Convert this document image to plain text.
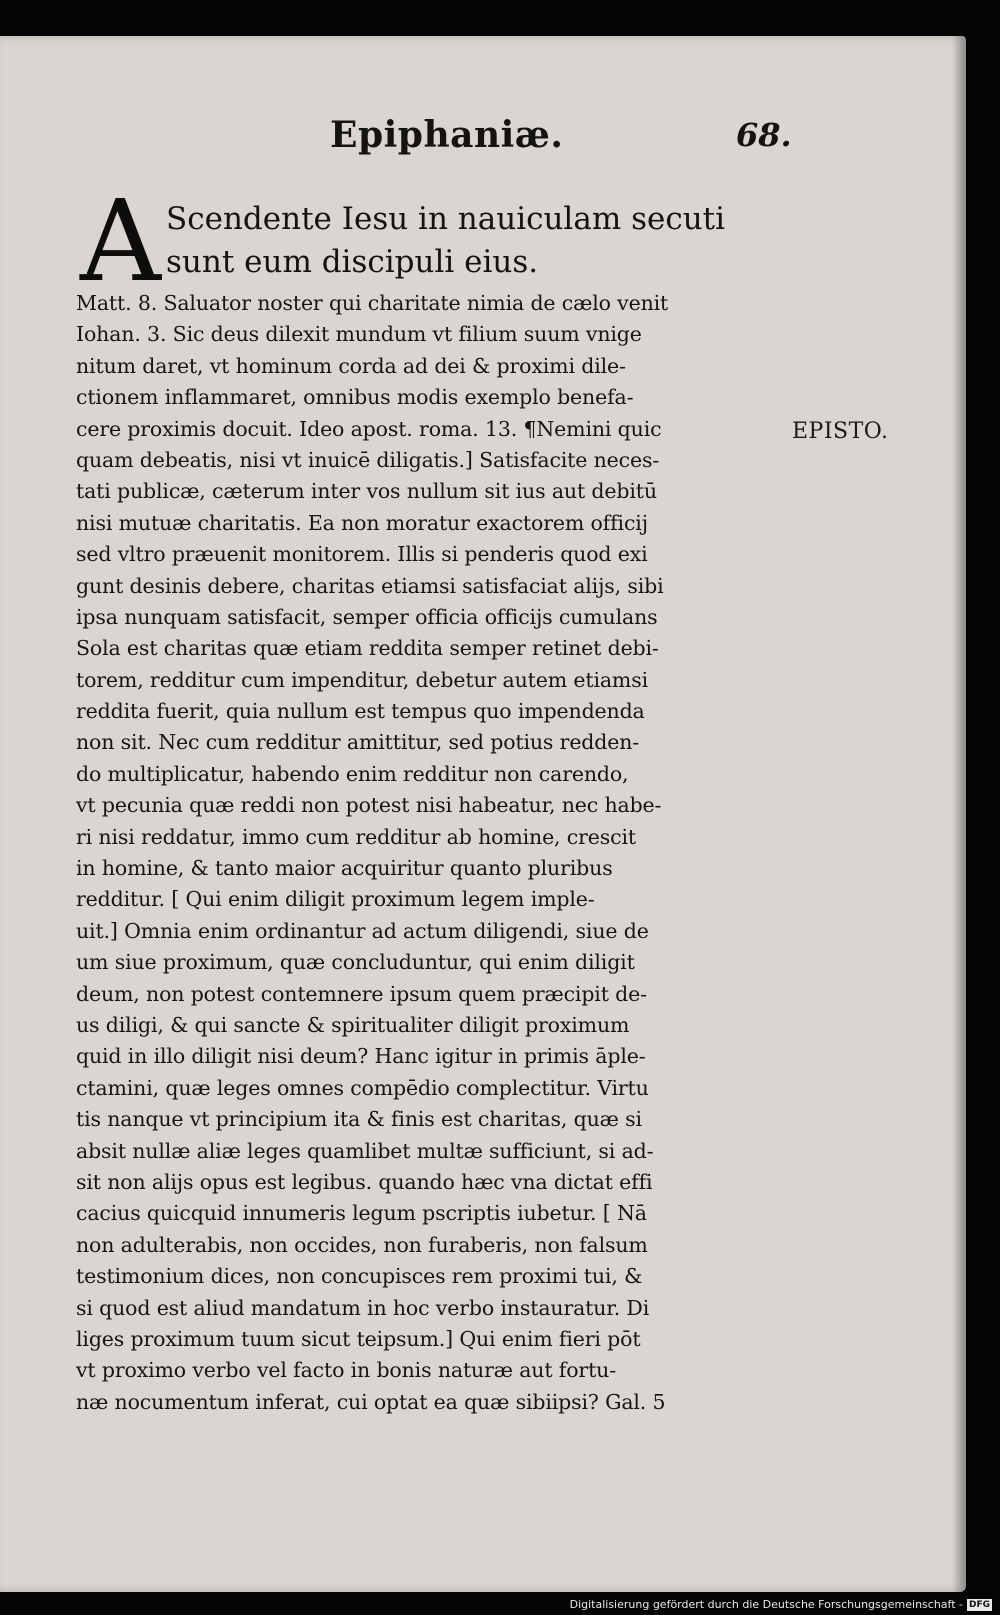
Epiphaniæ.	68.
A Scendente Iesu in nauiculam secuti
sunt eum discipuli eius.
EPISTO.
Matt. 8. Saluator noster qui charitate nimia de cælo venit
Iohan. 3. Sic deus dilexit mundum vt filium suum vnige
nitum daret, vt hominum corda ad dei & proximi dile-
ctionem inflammaret, omnibus modis exemplo benefa-
cere proximis docuit. Ideo apost. roma. 13. ¶Nemini quic
quam debeatis, nisi vt inuicē diligatis.] Satisfacite neces-
tati publicæ, cæterum inter vos nullum sit ius aut debitū
nisi mutuæ charitatis. Ea non moratur exactorem officij
sed vltro præuenit monitorem. Illis si penderis quod exi
gunt desinis debere, charitas etiamsi satisfaciat alijs, sibi
ipsa nunquam satisfacit, semper officia officijs cumulans
Sola est charitas quæ etiam reddita semper retinet debi-
torem, redditur cum impenditur, debetur autem etiamsi
reddita fuerit, quia nullum est tempus quo impendenda
non sit. Nec cum redditur amittitur, sed potius redden-
do multiplicatur, habendo enim redditur non carendo,
vt pecunia quæ reddi non potest nisi habeatur, nec habe-
ri nisi reddatur, immo cum redditur ab homine, crescit
in homine, & tanto maior acquiritur quanto pluribus
redditur. [ Qui enim diligit proximum legem imple-
uit.] Omnia enim ordinantur ad actum diligendi, siue de
um siue proximum, quæ concluduntur, qui enim diligit
deum, non potest contemnere ipsum quem præcipit de-
us diligi, & qui sancte & spiritualiter diligit proximum
quid in illo diligit nisi deum? Hanc igitur in primis āple-
ctamini, quæ leges omnes compēdio complectitur. Virtu
tis nanque vt principium ita & finis est charitas, quæ si
absit nullæ aliæ leges quamlibet multæ sufficiunt, si ad-
sit non alijs opus est legibus. quando hæc vna dictat effi
cacius quicquid innumeris legum pscriptis iubetur. [ Nā
non adulterabis, non occides, non furaberis, non falsum
testimonium dices, non concupisces rem proximi tui, &
si quod est aliud mandatum in hoc verbo instauratur. Di
liges proximum tuum sicut teipsum.] Qui enim fieri pōt
vt proximo verbo vel facto in bonis naturæ aut fortu-
næ nocumentum inferat, cui optat ea quæ sibiipsi? Gal. 5
Digitalisierung gefördert durch die Deutsche Forschungsgemeinschaft - DFG
